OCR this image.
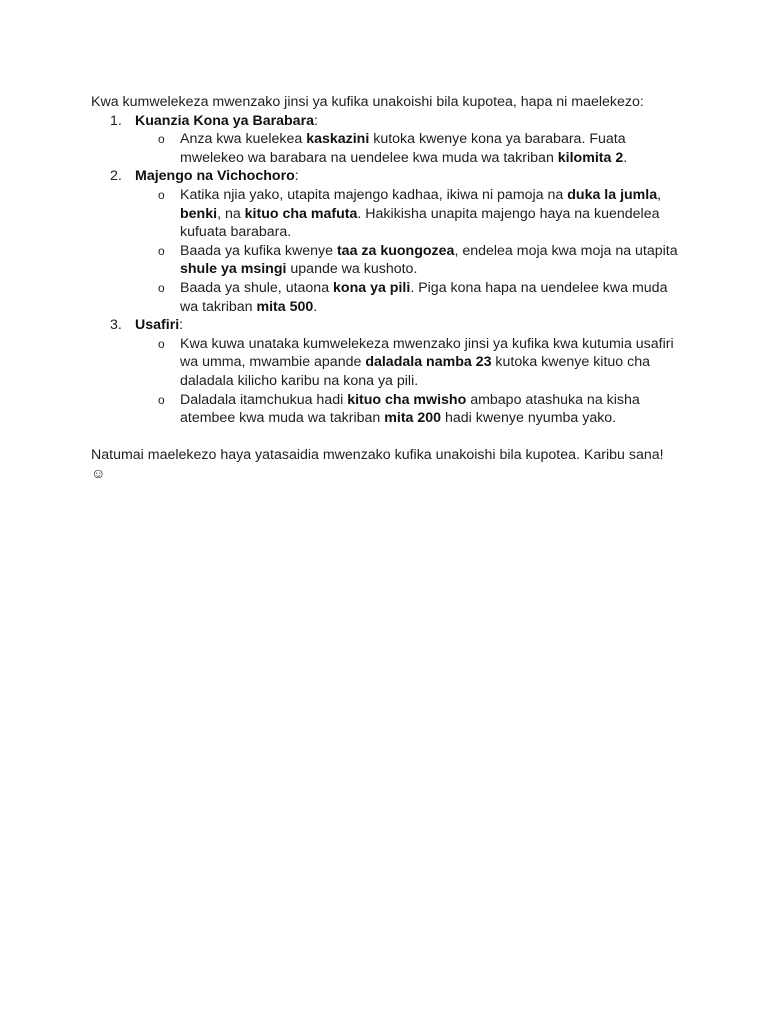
Kwa kumwelekeza mwenzako jinsi ya kufika unakoishi bila kupotea, hapa ni maelekezo:

1. Kuanzia Kona ya Barabara:
o Anza kwa kuelekea kaskazini kutoka kwenye kona ya barabara. Fuata mwelekeo wa barabara na uendelee kwa muda wa takriban kilomita 2.
2. Majengo na Vichochoro:
o Katika njia yako, utapita majengo kadhaa, ikiwa ni pamoja na duka la jumla, benki, na kituo cha mafuta. Hakikisha unapita majengo haya na kuendelea kufuata barabara.
o Baada ya kufika kwenye taa za kuongozea, endelea moja kwa moja na utapita shule ya msingi upande wa kushoto.
o Baada ya shule, utaona kona ya pili. Piga kona hapa na uendelee kwa muda wa takriban mita 500.
3. Usafiri:
o Kwa kuwa unataka kumwelekeza mwenzako jinsi ya kufika kwa kutumia usafiri wa umma, mwambie apande daladala namba 23 kutoka kwenye kituo cha daladala kilicho karibu na kona ya pili.
o Daladala itamchukua hadi kituo cha mwisho ambapo atashuka na kisha atembee kwa muda wa takriban mita 200 hadi kwenye nyumba yako.

Natumai maelekezo haya yatasaidia mwenzako kufika unakoishi bila kupotea. Karibu sana! ☺
